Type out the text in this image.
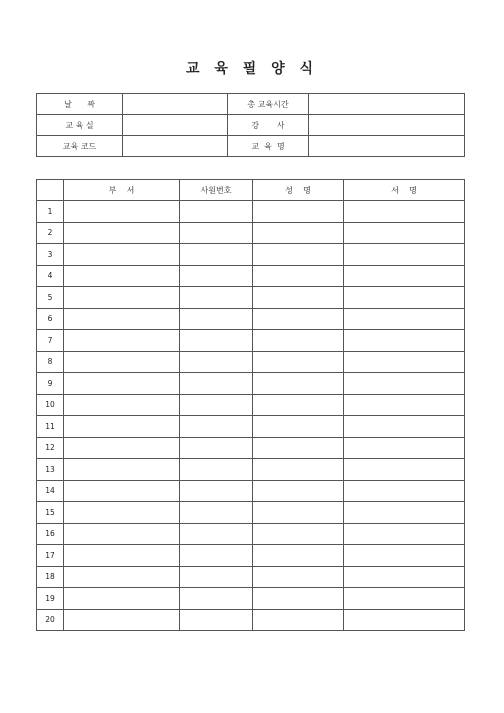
교 육 필 양 식
날      짜		총 교육시간	
교 육 실		강       사	
교육 코드		교  육  명	
	부    서	사원번호	성    명	서    명
1				
2				
3				
4				
5				
6				
7				
8				
9				
10				
11				
12				
13				
14				
15				
16				
17				
18				
19				
20				
